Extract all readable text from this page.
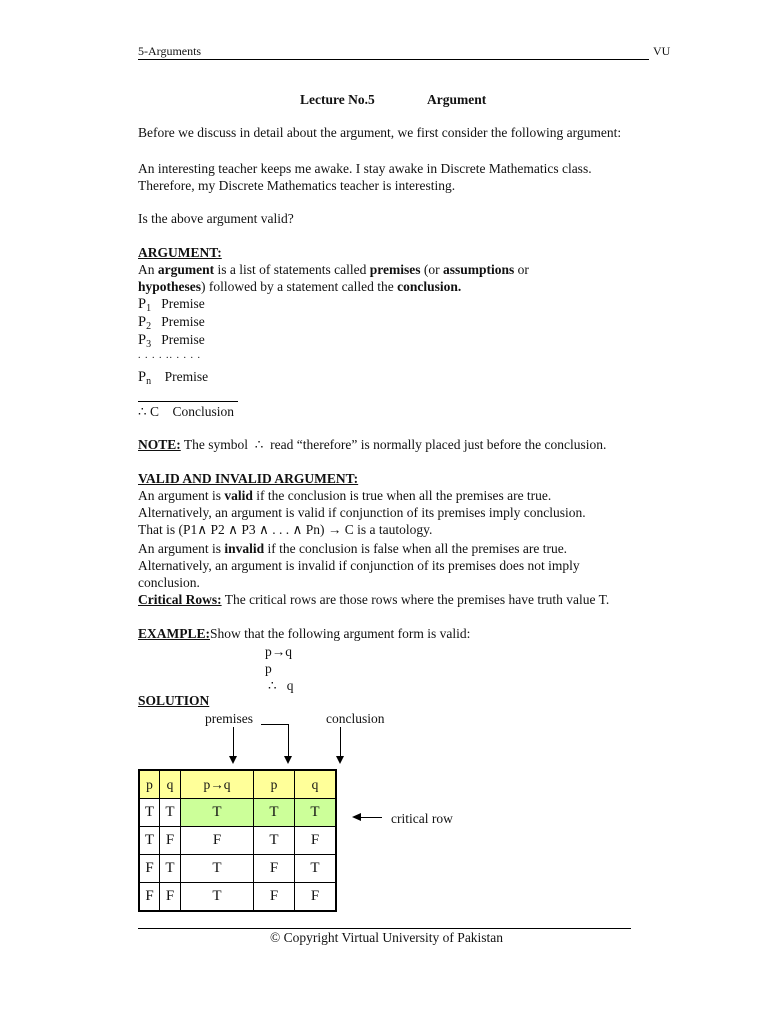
5-Arguments	VU
Lecture No.5	Argument
Before we discuss in detail about the argument, we first consider the following argument:
An interesting teacher keeps me awake. I stay awake in Discrete Mathematics class.
Therefore, my Discrete Mathematics teacher is interesting.
Is the above argument valid?
ARGUMENT:
An argument is a list of statements called premises (or assumptions or
hypotheses) followed by a statement called the conclusion.
$P_1$ Premise
$P_2$ Premise
$P_3$ Premise
. . . . .. . . . .
$P_n$ Premise
∴ C    Conclusion
NOTE: The symbol  ∴  read “therefore” is normally placed just before the conclusion.
VALID AND INVALID ARGUMENT:
An argument is valid if the conclusion is true when all the premises are true.
Alternatively, an argument is valid if conjunction of its premises imply conclusion.
That is (P1∧ P2 ∧ P3 ∧ . . . ∧ Pn) → C is a tautology.
An argument is invalid if the conclusion is false when all the premises are true.
Alternatively, an argument is invalid if conjunction of its premises does not imply
conclusion.
Critical Rows: The critical rows are those rows where the premises have truth value T.
EXAMPLE:Show that the following argument form is valid:
p→q
p
∴   q
SOLUTION
premises	conclusion
p	q	p→q	p	q
T	T	T	T	T
T	F	F	T	F
F	T	T	F	T
F	F	T	F	F
critical row
© Copyright Virtual University of Pakistan
